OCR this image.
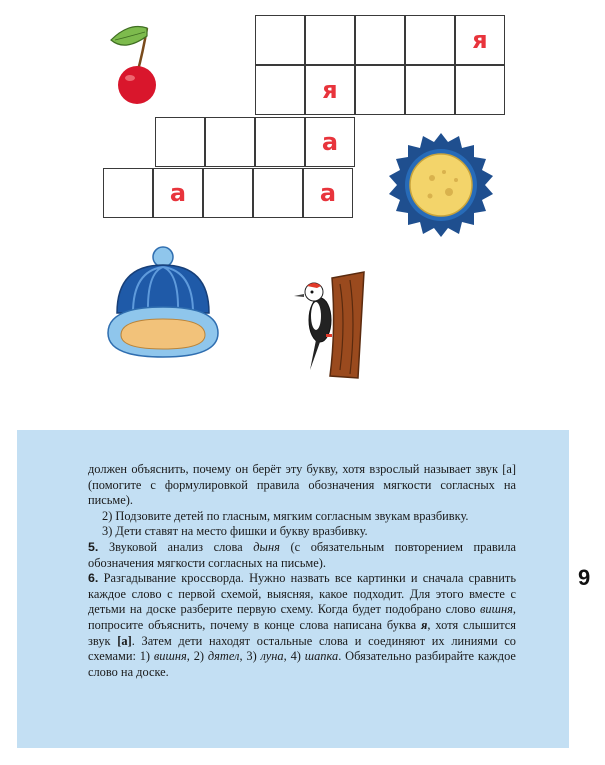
я
я
а
а	а

должен объяснить, почему он берёт эту букву, хотя взрослый называет звук [а] (помогите с формулировкой правила обозначения мягкости согласных на письме).

2) Подзовите детей по гласным, мягким согласным звукам вразбивку.

3) Дети ставят на место фишки и букву вразбивку.

5. Звуковой анализ слова дыня (с обязательным повторением правила обозначения мягкости согласных на письме).

6. Разгадывание кроссворда. Нужно назвать все картинки и сначала сравнить каждое слово с первой схемой, выясняя, какое подходит. Для этого вместе с детьми на доске разберите первую схему. Когда будет подобрано слово вишня, попросите объяснить, почему в конце слова написана буква я, хотя слышится звук [а]. Затем дети находят остальные слова и соединяют их линиями со схемами: 1) вишня, 2) дятел, 3) луна, 4) шапка. Обязательно разбирайте каждое слово на доске.

9
